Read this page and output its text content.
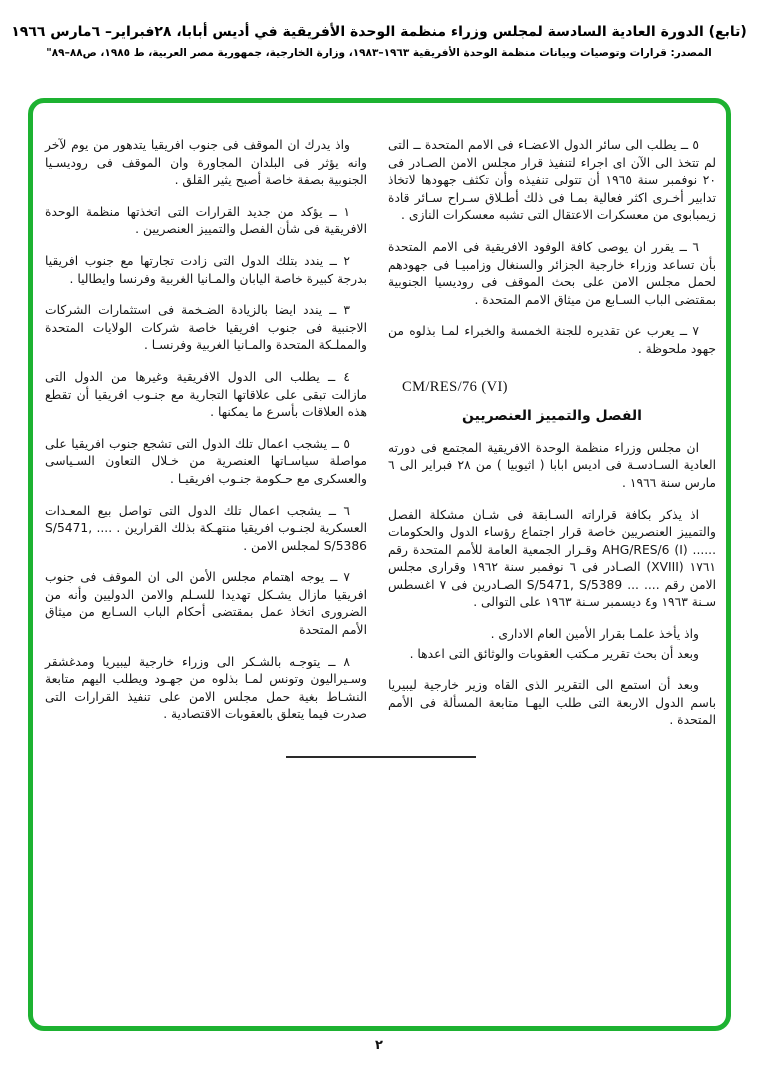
(تابع) الدورة العادية السادسة لمجلس وزراء منظمة الوحدة الأفريقية في أديس أبابا، ٢٨فبراير– ٦مارس ١٩٦٦
المصدر: قرارات وتوصيات وبيانات منظمة الوحدة الأفريقية ١٩٦٣–١٩٨٣، وزارة الخارجية، جمهورية مصر العربية، ط ١٩٨٥، ص٨٨–٨٩"

٥ ــ يطلب الى سائر الدول الاعضـاء فى الامم المتحدة ــ التى لم تتخذ الى الآن اى اجراء لتنفيذ قرار مجلس الامن الصـادر فى ٢٠ نوفمبر سنة ١٩٦٥ أن تتولى تنفيذه وأن تكثف جهودها لاتخاذ تدابير أخـرى اكثر فعالية بمـا فى ذلك أطـلاق سـراح سـائر قادة زيمبابوى من معسكرات الاعتقال التى تشبه معسكرات النازى .

٦ ــ يقرر ان يوصى كافة الوفود الافريقية فى الامم المتحدة بأن تساعد وزراء خارجية الجزائر والسنغال وزامبيـا فى جهودهم لحمل مجلس الامن على بحث الموقف فى روديسيا الجنوبية بمقتضى الباب السـابع من ميثاق الامم المتحدة .

٧ ــ يعرب عن تقديره للجنة الخمسة والخبراء لمـا بذلوه من جهود ملحوظة .

CM/RES/76 (VI)

الفصل والتمييز العنصريين

ان مجلس وزراء منظمة الوحدة الافريقية المجتمع فى دورته العادية السـادسـة فى اديس ابابا ( اثيوبيا ) من ٢٨ فبراير الى ٦ مارس سنة ١٩٦٦ .

اذ يذكر بكافة قراراته السـابقة فى شـان مشكلة الفصل والتمييز العنصريين خاصة قرار اجتماع رؤساء الدول والحكومات ...... AHG/RES/6 (I) وقـرار الجمعية العامة للأمم المتحدة رقم ١٧٦١ (XVIII) الصـادر فى ٦ نوفمبر سنة ١٩٦٢ وقرارى مجلس الامن رقم .... ... S/5471, S/5389 الصـادرين فى ٧ اغسطس سـنة ١٩٦٣ و٤ ديسمبر سـنة ١٩٦٣ على التوالى .

واذ يأخذ علمـا بقرار الأمين العام الادارى .

وبعد أن بحث تقرير مـكتب العقوبات والوثائق التى اعدها .

وبعد أن استمع الى التقرير الذى القاه وزير خارجية ليبيريا باسم الدول الاربعة التى طلب اليهـا متابعة المسألة فى الأمم المتحدة .

واذ يدرك ان الموقف فى جنوب افريقيا يتدهور من يوم لآخر وانه يؤثر فى البلدان المجاورة وان الموقف فى روديسـيا الجنوبية بصفة خاصة أصبح يثير القلق .

١ ــ يؤكد من جديد القرارات التى اتخذتها منظمة الوحدة الافريقية فى شأن الفصل والتمييز العنصريين .

٢ ــ يندد بتلك الدول التى زادت تجارتها مع جنوب افريقيا بدرجة كبيرة خاصة اليابان والمـانيا الغربية وفرنسا وايطاليا .

٣ ــ يندد ايضا بالزيادة الضـخمة فى استثمارات الشركات الاجنبية فى جنوب افريقيا خاصة شركات الولايات المتحدة والمملـكة المتحدة والمـانيا الغربية وفرنسـا .

٤ ــ يطلب الى الدول الافريقية وغيرها من الدول التى مازالت تبقى على علاقاتها التجارية مع جنـوب افريقيا أن تقطع هذه العلاقات بأسرع ما يمكنها .

٥ ــ يشجب اعمال تلك الدول التى تشجع جنوب افريقيا على مواصلة سياسـاتها العنصرية من خـلال التعاون السـياسى والعسكرى مع حـكومة جنـوب افريقيـا .

٦ ــ يشجب اعمال تلك الدول التى تواصل بيع المعـدات العسكرية لجنـوب افريقيا منتهـكة بذلك القرارين . .... S/5471, S/5386 لمجلس الامن .

٧ ــ يوجه اهتمام مجلس الأمن الى ان الموقف فى جنوب افريقيا مازال يشـكل تهديدا للسـلم والامن الدوليين وأنه من الضرورى اتخاذ عمل بمقتضى أحكام الباب السـابع من ميثاق الأمم المتحدة

٨ ــ يتوجـه بالشـكر الى وزراء خارجية ليبيريا ومدغشقر وسـيراليون وتونس لمـا بذلوه من جهـود ويطلب اليهم متابعة النشـاط بغية حمل مجلس الامن على تنفيذ القرارات التى صدرت فيما يتعلق بالعقوبات الاقتصادية .

٢
